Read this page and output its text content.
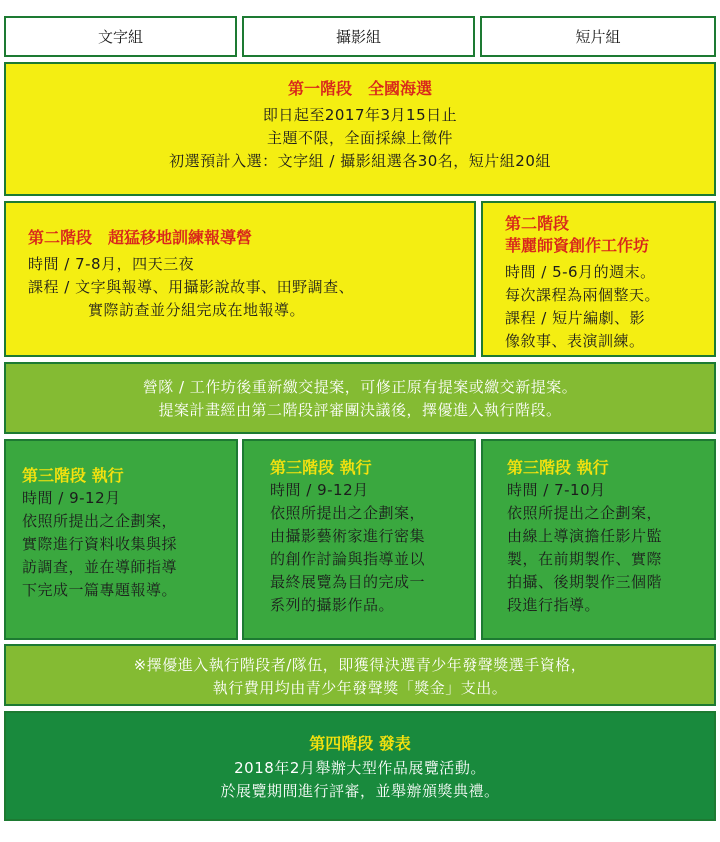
文字組	攝影組	短片組
第一階段　全國海選
即日起至2017年3月15日止
主題不限，全面採線上徵件
初選預計入選：文字組 / 攝影組選各30名，短片組20組
第二階段　超猛移地訓練報導營
時間 / 7-8月，四天三夜
課程 / 文字與報導、用攝影說故事、田野調查、
實際訪查並分組完成在地報導。
第二階段
華麗師資創作工作坊
時間 / 5-6月的週末。
每次課程為兩個整天。
課程 / 短片編劇、影
像敘事、表演訓練。
營隊 / 工作坊後重新繳交提案，可修正原有提案或繳交新提案。
提案計畫經由第二階段評審團決議後，擇優進入執行階段。
第三階段 執行
時間 / 9-12月
依照所提出之企劃案，
實際進行資料收集與採
訪調查，並在導師指導
下完成一篇專題報導。
第三階段 執行
時間 / 9-12月
依照所提出之企劃案，
由攝影藝術家進行密集
的創作討論與指導並以
最終展覽為目的完成一
系列的攝影作品。
第三階段 執行
時間 / 7-10月
依照所提出之企劃案，
由線上導演擔任影片監
製，在前期製作、實際
拍攝、後期製作三個階
段進行指導。
※擇優進入執行階段者/隊伍，即獲得決選青少年發聲獎選手資格，
執行費用均由青少年發聲獎「獎金」支出。
第四階段 發表
2018年2月舉辦大型作品展覽活動。
於展覽期間進行評審，並舉辦頒獎典禮。
